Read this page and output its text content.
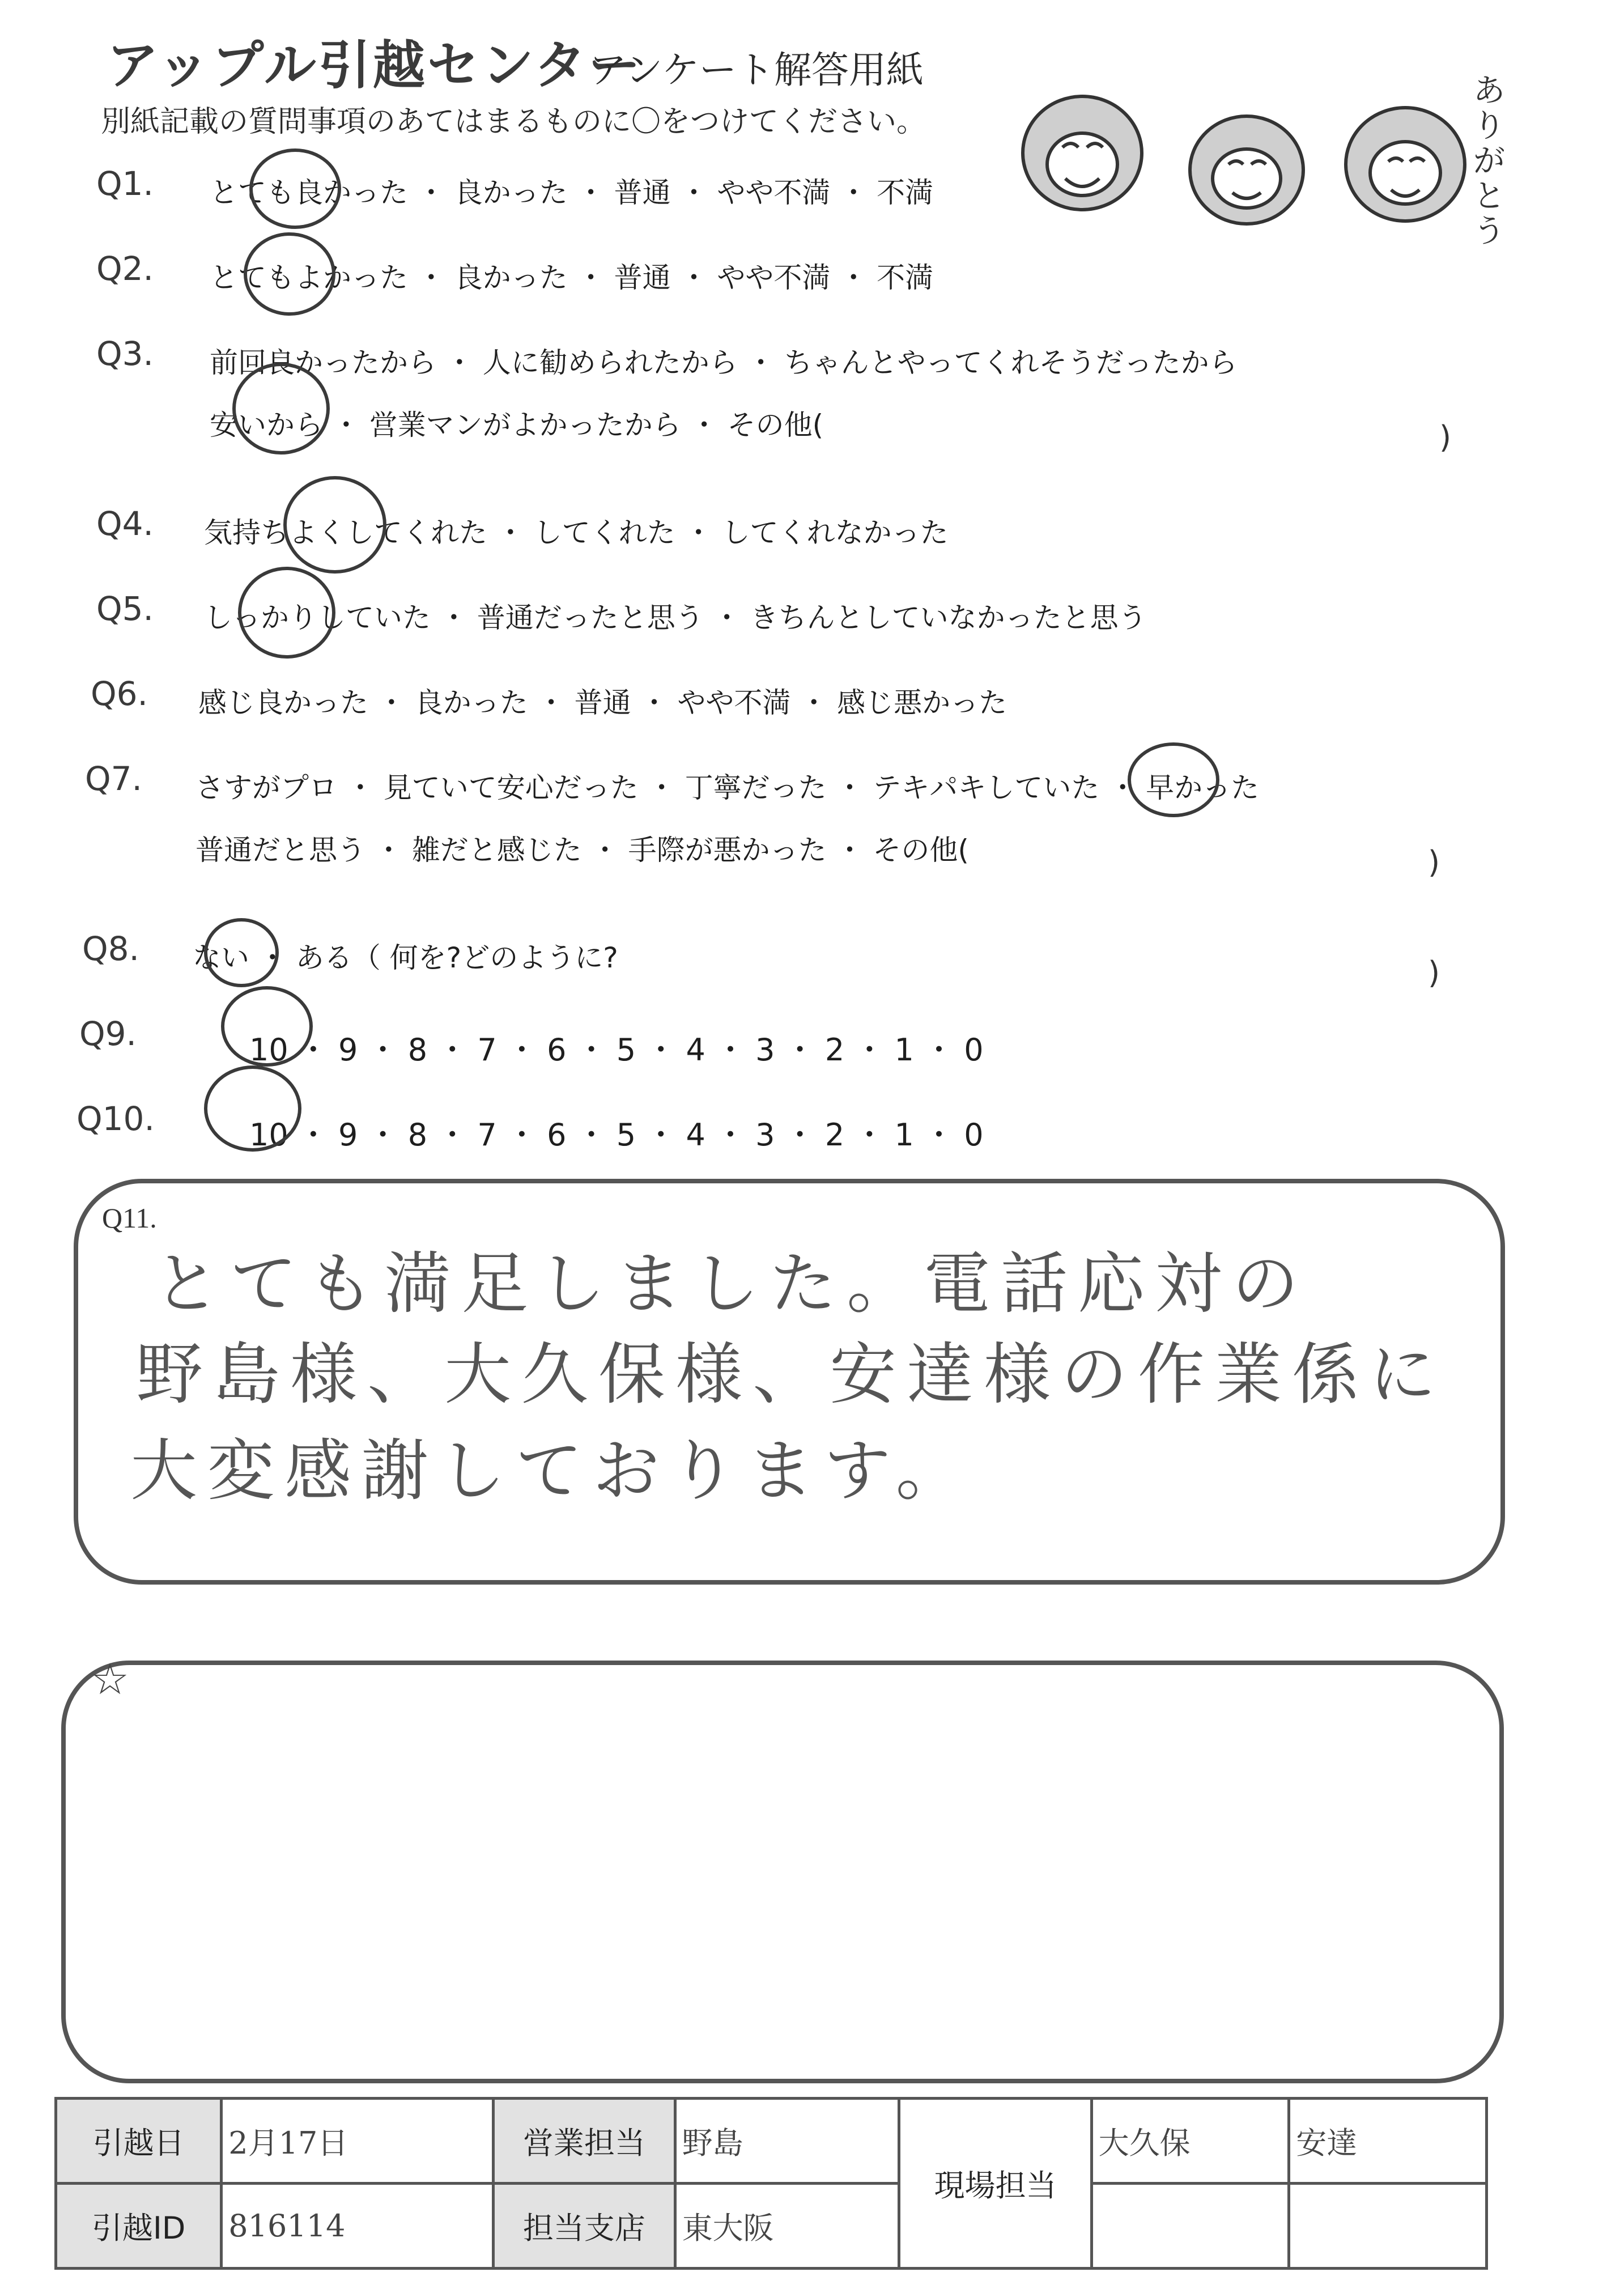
アップル引越センター
アンケート解答用紙
別紙記載の質問事項のあてはまるものに〇をつけてください。
ありがとう
Q1. とても良かった ・ 良かった ・ 普通 ・ やや不満 ・ 不満
Q2. とてもよかった ・ 良かった ・ 普通 ・ やや不満 ・ 不満
Q3. 前回良かったから ・ 人に勧められたから ・ ちゃんとやってくれそうだったから
安いから ・ 営業マンがよかったから ・ その他(	)
Q4. 気持ちよくしてくれた ・ してくれた ・ してくれなかった
Q5. しっかりしていた ・ 普通だったと思う ・ きちんとしていなかったと思う
Q6. 感じ良かった ・ 良かった ・ 普通 ・ やや不満 ・ 感じ悪かった
Q7. さすがプロ ・ 見ていて安心だった ・ 丁寧だった ・ テキパキしていた ・ 早かった
普通だと思う ・ 雑だと感じた ・ 手際が悪かった ・ その他(	)
Q8. ない ・ ある（ 何を?どのように?	)
Q9.	10 ・ 9 ・ 8 ・ 7 ・ 6 ・ 5 ・ 4 ・ 3 ・ 2 ・ 1 ・ 0
Q10.	10 ・ 9 ・ 8 ・ 7 ・ 6 ・ 5 ・ 4 ・ 3 ・ 2 ・ 1 ・ 0
Q11.
とても満足しました。電話応対の
野島様、大久保様、安達様の作業係に
大変感謝しております。
☆
引越日	2月17日	営業担当	野島	現場担当	大久保	安達
引越ID	816114	担当支店	東大阪			
